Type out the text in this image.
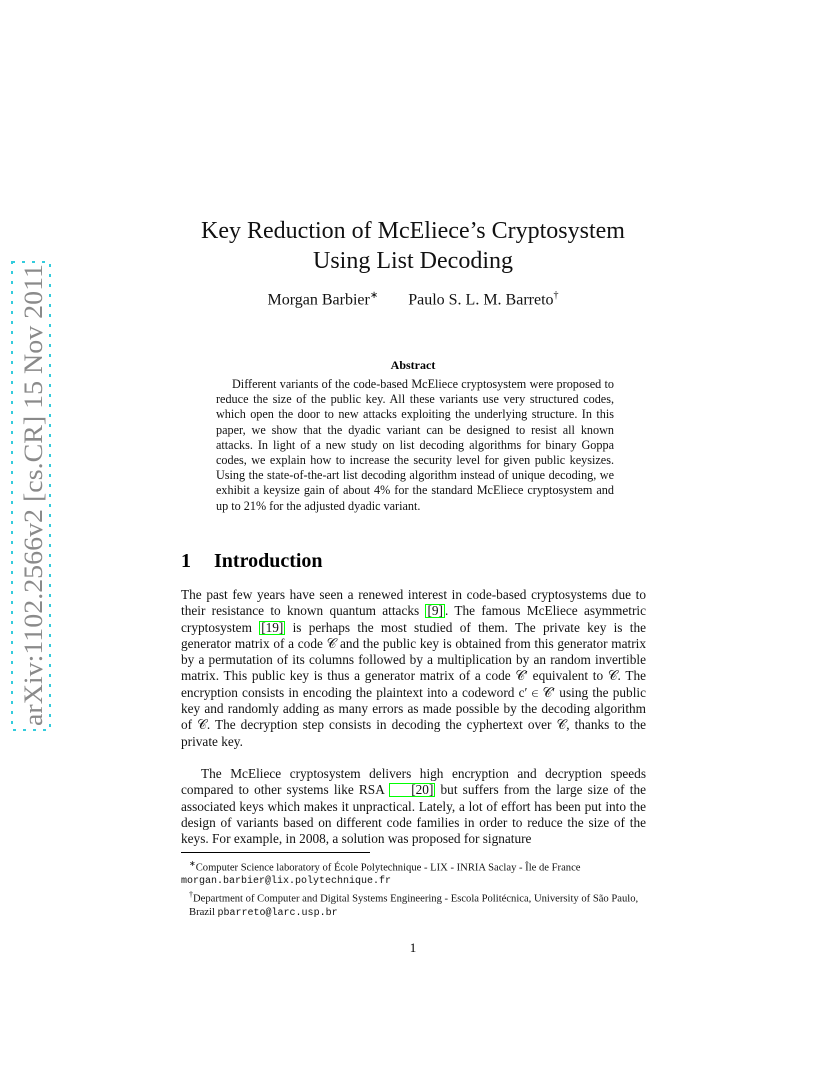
arXiv:1102.2566v2 [cs.CR] 15 Nov 2011
Key Reduction of McEliece’s Cryptosystem
Using List Decoding
Morgan Barbier∗ Paulo S. L. M. Barreto†
Abstract
Different variants of the code-based McEliece cryptosystem were proposed to reduce the size of the public key. All these variants use very structured codes, which open the door to new attacks exploiting the underlying structure. In this paper, we show that the dyadic variant can be designed to resist all known attacks. In light of a new study on list decoding algorithms for binary Goppa codes, we explain how to increase the security level for given public keysizes. Using the state-of-the-art list decoding algorithm instead of unique decoding, we exhibit a keysize gain of about 4% for the standard McEliece cryptosystem and up to 21% for the adjusted dyadic variant.
1 Introduction
The past few years have seen a renewed interest in code-based cryptosystems due to their resistance to known quantum attacks [9] . The famous McEliece asymmetric cryptosystem [19] is perhaps the most studied of them. The private key is the generator matrix of a code 𝒞 and the public key is obtained from this generator matrix by a permutation of its columns followed by a multiplication by an random invertible matrix. This public key is thus a generator matrix of a code 𝒞′ equivalent to 𝒞. The encryption consists in encoding the plaintext into a codeword c′ ∈ 𝒞′ using the public key and randomly adding as many errors as made possible by the decoding algorithm of 𝒞. The decryption step consists in decoding the cyphertext over 𝒞, thanks to the private key.
The McEliece cryptosystem delivers high encryption and decryption speeds compared to other systems like RSA [20] but suffers from the large size of the associated keys which makes it unpractical. Lately, a lot of effort has been put into the design of variants based on different code families in order to reduce the size of the keys. For example, in 2008, a solution was proposed for signature
∗Computer Science laboratory of École Polytechnique - LIX - INRIA Saclay - Île de France
morgan.barbier@lix.polytechnique.fr
†Department of Computer and Digital Systems Engineering - Escola Politécnica, University of São Paulo, Brazil pbarreto@larc.usp.br
1
